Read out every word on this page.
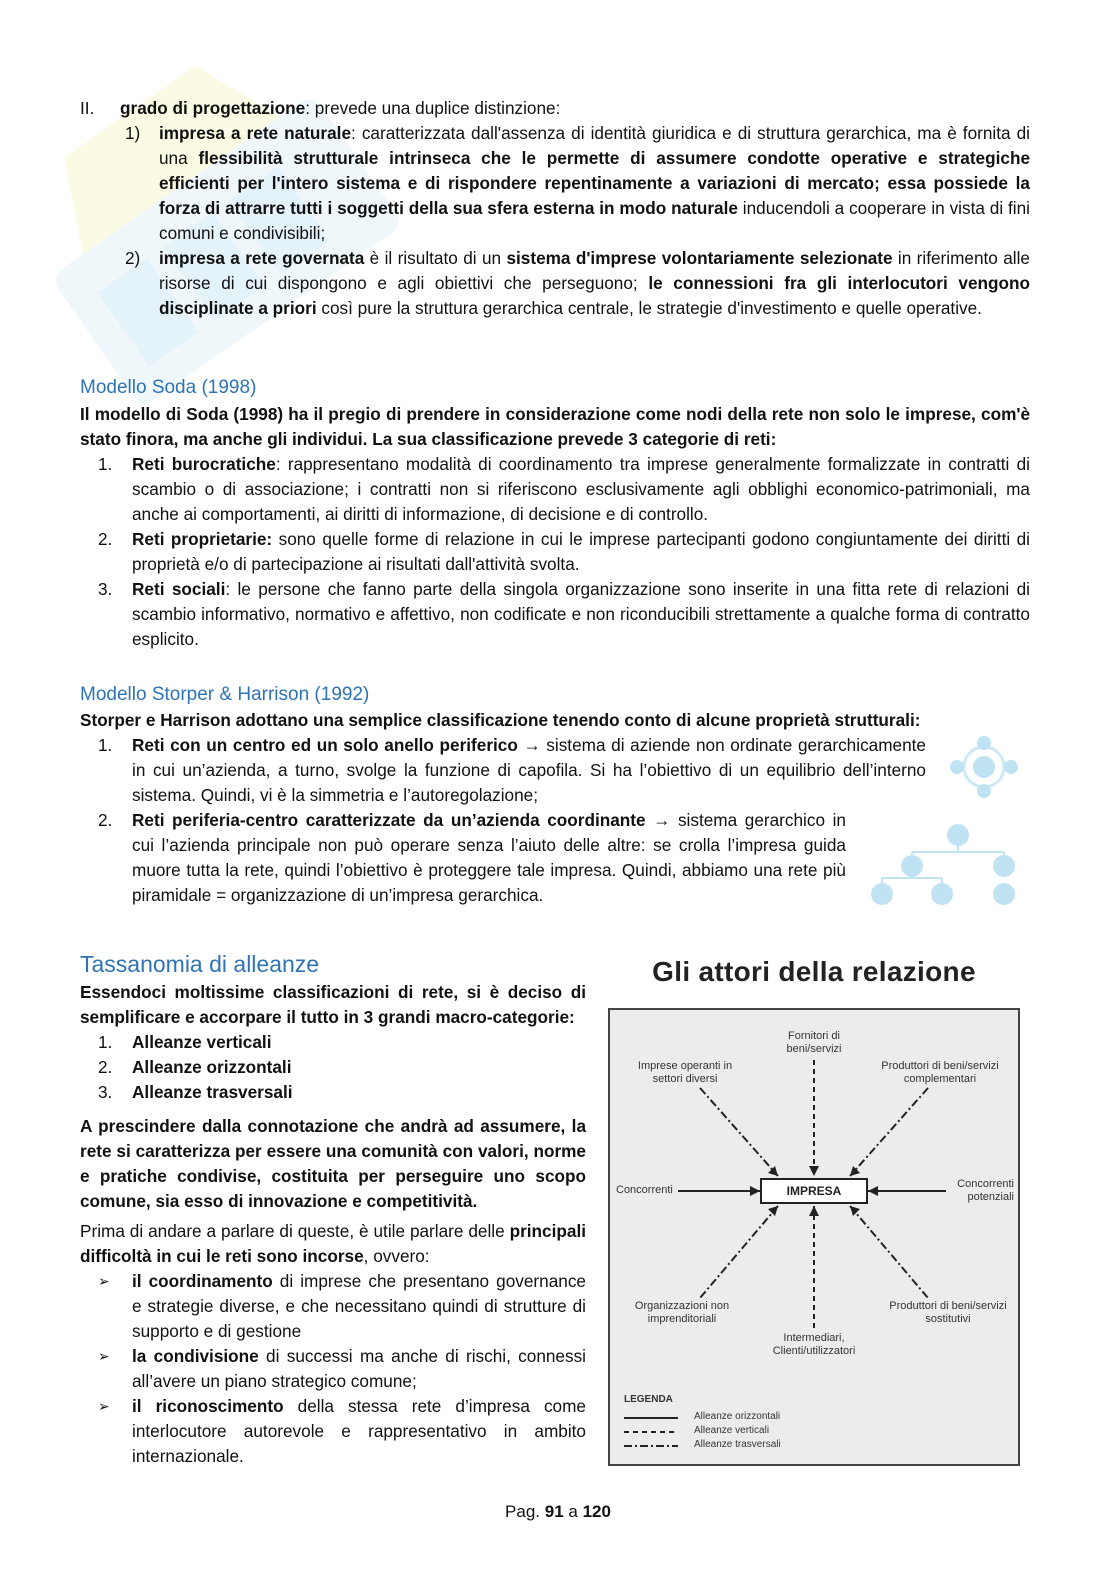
II. grado di progettazione: prevede una duplice distinzione:
1) impresa a rete naturale: caratterizzata dall'assenza di identità giuridica e di struttura gerarchica, ma è fornita di una flessibilità strutturale intrinseca che le permette di assumere condotte operative e strategiche efficienti per l'intero sistema e di rispondere repentinamente a variazioni di mercato; essa possiede la forza di attrarre tutti i soggetti della sua sfera esterna in modo naturale inducendoli a cooperare in vista di fini comuni e condivisibili;
2) impresa a rete governata è il risultato di un sistema d'imprese volontariamente selezionate in riferimento alle risorse di cui dispongono e agli obiettivi che perseguono; le connessioni fra gli interlocutori vengono disciplinate a priori così pure la struttura gerarchica centrale, le strategie d'investimento e quelle operative.
Modello Soda (1998)

Il modello di Soda (1998) ha il pregio di prendere in considerazione come nodi della rete non solo le imprese, com'è stato finora, ma anche gli individui. La sua classificazione prevede 3 categorie di reti:

1. Reti burocratiche: rappresentano modalità di coordinamento tra imprese generalmente formalizzate in contratti di scambio o di associazione; i contratti non si riferiscono esclusivamente agli obblighi economico-patrimoniali, ma anche ai comportamenti, ai diritti di informazione, di decisione e di controllo.
2. Reti proprietarie: sono quelle forme di relazione in cui le imprese partecipanti godono congiuntamente dei diritti di proprietà e/o di partecipazione ai risultati dall'attività svolta.
3. Reti sociali: le persone che fanno parte della singola organizzazione sono inserite in una fitta rete di relazioni di scambio informativo, normativo e affettivo, non codificate e non riconducibili strettamente a qualche forma di contratto esplicito.
Modello Storper & Harrison (1992)

Storper e Harrison adottano una semplice classificazione tenendo conto di alcune proprietà strutturali:

1. Reti con un centro ed un solo anello periferico → sistema di aziende non ordinate gerarchicamente in cui un’azienda, a turno, svolge la funzione di capofila. Si ha l’obiettivo di un equilibrio dell’interno sistema. Quindi, vi è la simmetria e l’autoregolazione;
2. Reti periferia-centro caratterizzate da un’azienda coordinante → sistema gerarchico in cui l’azienda principale non può operare senza l’aiuto delle altre: se crolla l’impresa guida muore tutta la rete, quindi l’obiettivo è proteggere tale impresa. Quindi, abbiamo una rete più piramidale = organizzazione di un’impresa gerarchica.
Tassanomia di alleanze

Essendoci moltissime classificazioni di rete, si è deciso di semplificare e accorpare il tutto in 3 grandi macro-categorie:

1. Alleanze verticali
2. Alleanze orizzontali
3. Alleanze trasversali

A prescindere dalla connotazione che andrà ad assumere, la rete si caratterizza per essere una comunità con valori, norme e pratiche condivise, costituita per perseguire uno scopo comune, sia esso di innovazione e competitività.

Prima di andare a parlare di queste, è utile parlare delle principali difficoltà in cui le reti sono incorse, ovvero:

➢ il coordinamento di imprese che presentano governance e strategie diverse, e che necessitano quindi di strutture di supporto e di gestione
➢ la condivisione di successi ma anche di rischi, connessi all’avere un piano strategico comune;
➢ il riconoscimento della stessa rete d’impresa come interlocutore autorevole e rappresentativo in ambito internazionale.
Gli attori della relazione
Fornitori di beni/servizi
Imprese operanti in settori diversi
Produttori di beni/servizi complementari
Concorrenti	Concorrenti potenziali
Organizzazioni non imprenditoriali
Produttori di beni/servizi sostitutivi
Intermediari, Clienti/utilizzatori
IMPRESA
LEGENDA
Alleanze orizzontali
Alleanze verticali
Alleanze trasversali
Pag. 91 a 120
